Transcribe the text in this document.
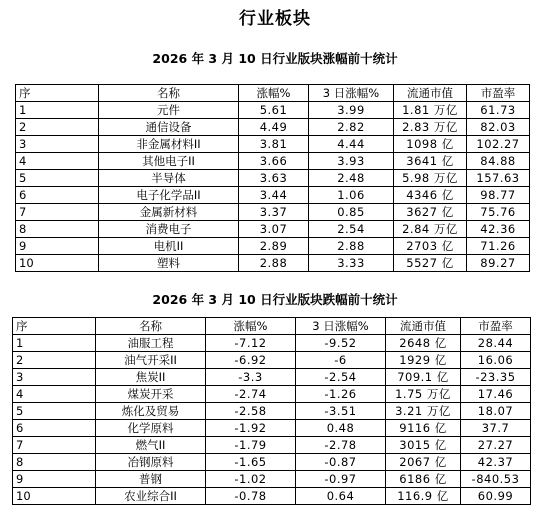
行业板块
2026 年 3 月 10 日行业版块涨幅前十统计
序	名称	涨幅%	3 日涨幅%	流通市值	市盈率
1	元件	5.61	3.99	1.81 万亿	61.73
2	通信设备	4.49	2.82	2.83 万亿	82.03
3	非金属材料II	3.81	4.44	1098 亿	102.27
4	其他电子II	3.66	3.93	3641 亿	84.88
5	半导体	3.63	2.48	5.98 万亿	157.63
6	电子化学品II	3.44	1.06	4346 亿	98.77
7	金属新材料	3.37	0.85	3627 亿	75.76
8	消费电子	3.07	2.54	2.84 万亿	42.36
9	电机II	2.89	2.88	2703 亿	71.26
10	塑料	2.88	3.33	5527 亿	89.27
2026 年 3 月 10 日行业版块跌幅前十统计
序	名称	涨幅%	3 日涨幅%	流通市值	市盈率
1	油服工程	-7.12	-9.52	2648 亿	28.44
2	油气开采II	-6.92	-6	1929 亿	16.06
3	焦炭II	-3.3	-2.54	709.1 亿	-23.35
4	煤炭开采	-2.74	-1.26	1.75 万亿	17.46
5	炼化及贸易	-2.58	-3.51	3.21 万亿	18.07
6	化学原料	-1.92	0.48	9116 亿	37.7
7	燃气II	-1.79	-2.78	3015 亿	27.27
8	冶钢原料	-1.65	-0.87	2067 亿	42.37
9	普钢	-1.02	-0.97	6186 亿	-840.53
10	农业综合II	-0.78	0.64	116.9 亿	60.99
